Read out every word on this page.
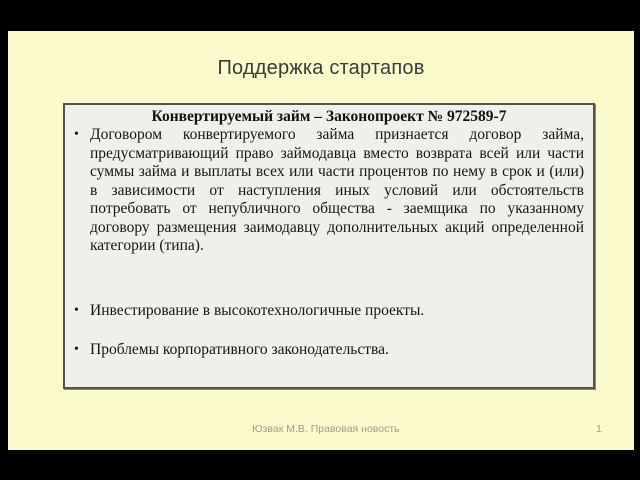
Поддержка стартапов
Конвертируемый займ – Законопроект № 972589-7
• Договором конвертируемого займа признается договор займа, предусматривающий право займодавца вместо возврата всей или части суммы займа и выплаты всех или части процентов по нему в срок и (или) в зависимости от наступления иных условий или обстоятельств потребовать от непубличного общества - заемщика по указанному договору размещения заимодавцу дополнительных акций определенной категории (типа).
• Инвестирование в высокотехнологичные проекты.
• Проблемы корпоративного законодательства.
Юзвак М.В. Правовая новость	1
